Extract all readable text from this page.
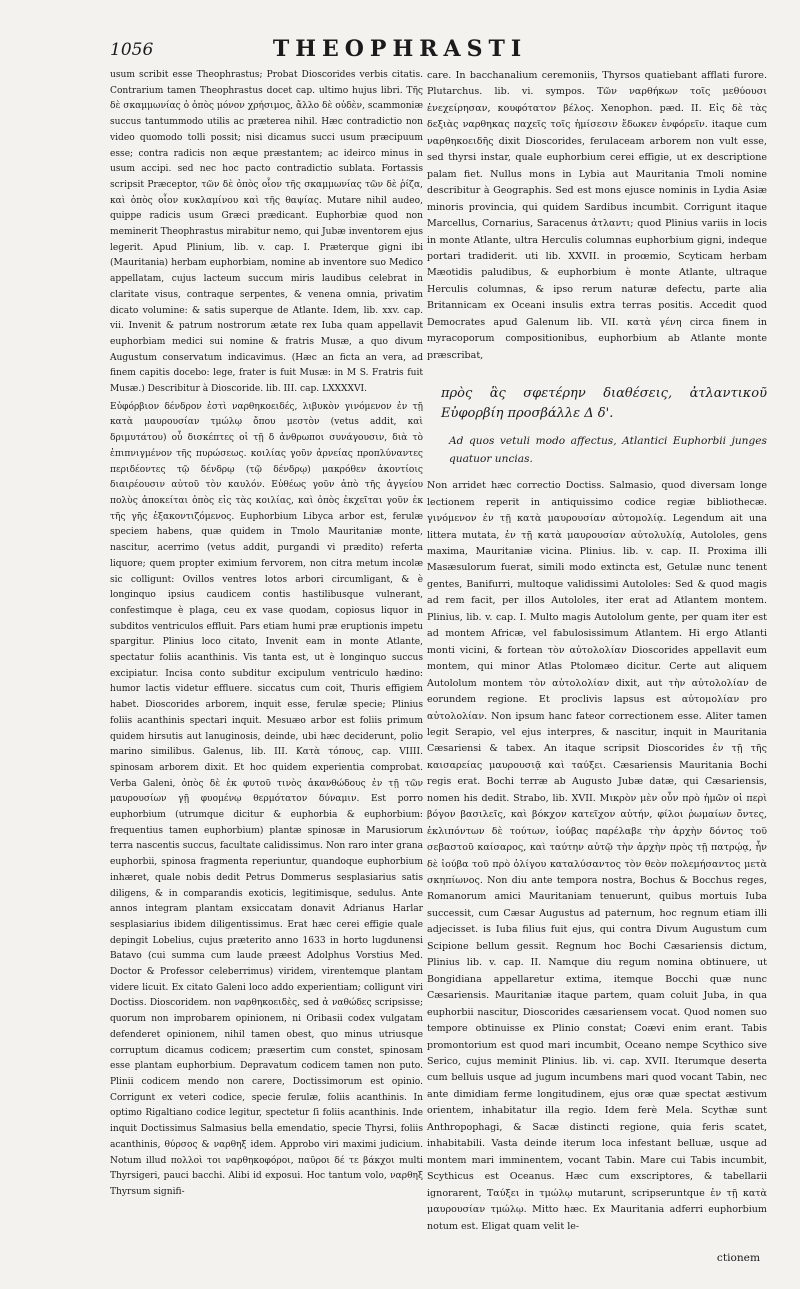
1056	THEOPHRASTI

usum scribit esse Theophrastus; Probat Dioscorides verbis citatis. Contrarium tamen Theophrastus docet cap. ultimo hujus libri. Τῆς δὲ σκαμμωνίας ὁ ὀπὸς μόνον χρήσιμος, ἄλλο δὲ οὐδὲν, scammoniæ succus tantummodo utilis ac præterea nihil. Hæc contradictio non video quomodo tolli possit; nisi dicamus succi usum præcipuum esse; contra radicis non æque præstantem; ac ideirco minus in usum accipi. sed nec hoc pacto contradictio sublata. Fortassis scripsit Præceptor, τῶν δὲ ὀπὸς οἷον τῆς σκαμμωνίας τῶν δὲ ῥίζα, καὶ ὀπὸς οἷον κυκλαμίνου καὶ τῆς θαψίας. Mutare nihil audeo, quippe radicis usum Græci prædicant. Euphorbiæ quod non meminerit Theophrastus mirabitur nemo, qui Jubæ inventorem ejus legerit. Apud Plinium, lib. v. cap. I. Præterque gigni ibi (Mauritania) herbam euphorbiam, nomine ab inventore suo Medico appellatam, cujus lacteum succum miris laudibus celebrat in claritate visus, contraque serpentes, & venena omnia, privatim dicato volumine: & satis superque de Atlante. Idem, lib. xxv. cap. vii. Invenit & patrum nostrorum ætate rex Iuba quam appellavit euphorbiam medici sui nomine & fratris Musæ, a quo divum Augustum conservatum indicavimus. (Hæc an ficta an vera, ad finem capitis docebo: lege, frater is fuit Musæ: in M S. Fratris fuit Musæ.) Describitur à Dioscoride. lib. III. cap. LXXXXVI.

Εὐφόρβιον δένδρον ἐστὶ ναρθηκοειδές, λιβυκὸν γινόμενον ἐν τῇ κατὰ μαυρουσίαν τμώλῳ ὄπου μεστὸν (vetus addit, καὶ δριμυτάτου) οὗ δισκέπτες οἱ τῇ δ ἀνθρωποι συνάγουσιν, διὰ τὸ ἐπιπνιγμένον τῆς πυρώσεως. κοιλίας γοῦν ἀρνείας προπλύναντες περιδέοντες τῷ δένδρῳ (τῷ δένδρῳ) μακρόθεν ἀκοντίοις διαιρέουσιν αὐτοῦ τὸν καυλόν. Εὐθέως γοῦν ἀπὸ τῆς ἀγγείου πολὺς ἀποκείται ὀπὸς εἰς τὰς κοιλίας, καὶ ὀπὸς ἐκχεῖται γοῦν ἐκ τῆς γῆς ἐξακοντιζόμενος. Euphorbium Libyca arbor est, ferulæ speciem habens, quæ quidem in Tmolo Mauritaniæ monte, nascitur, acerrimo (vetus addit, purgandi vi prædito) referta liquore; quem propter eximium fervorem, non citra metum incolæ sic colligunt: Ovillos ventres lotos arbori circumligant, & è longinquo ipsius caudicem contis hastilibusque vulnerant, confestimque è plaga, ceu ex vase quodam, copiosus liquor in subditos ventriculos effluit. Pars etiam humi præ eruptionis impetu spargitur. Plinius loco citato, Invenit eam in monte Atlante, spectatur foliis acanthinis. Vis tanta est, ut è longinquo succus excipiatur. Incisa conto subditur excipulum ventriculo hædino: humor lactis videtur effluere. siccatus cum coit, Thuris effigiem habet. Dioscorides arborem, inquit esse, ferulæ specie; Plinius foliis acanthinis spectari inquit. Mesuæo arbor est foliis primum quidem hirsutis aut lanuginosis, deinde, ubi hæc deciderunt, polio marino similibus. Galenus, lib. III. Κατὰ τόπους, cap. VIIII. spinosam arborem dixit. Et hoc quidem experientia comprobat. Verba Galeni, ὀπὸς δὲ ἐκ φυτοῦ τινὸς ἀκανθώδους ἐν τῇ τῶν μαυρουσίων γῇ φυομένῳ θερμότατον δύναμιν. Est porro euphorbium (utrumque dicitur & euphorbia & euphorbium: frequentius tamen euphorbium) plantæ spinosæ in Marusiorum terra nascentis succus, facultate calidissimus. Non raro inter grana euphorbii, spinosa fragmenta reperiuntur, quandoque euphorbium inhæret, quale nobis dedit Petrus Dommerus sesplasiarius satis diligens, & in comparandis exoticis, legitimisque, sedulus. Ante annos integram plantam exsiccatam donavit Adrianus Harlar sesplasiarius ibidem diligentissimus. Erat hæc cerei effigie quale depingit Lobelius, cujus præterito anno 1633 in horto lugdunensi Batavo (cui summa cum laude præest Adolphus Vorstius Med. Doctor & Professor celeberrimus) viridem, virentemque plantam videre licuit. Ex citato Galeni loco addo experientiam; colligunt viri Doctiss. Dioscoridem. non ναρθηκοειδὲς, sed ἀ ναθώδες scripsisse; quorum non improbarem opinionem, ni Oribasii codex vulgatam defenderet opinionem, nihil tamen obest, quo minus utriusque corruptum dicamus codicem; præsertim cum constet, spinosam esse plantam euphorbium. Depravatum codicem tamen non puto. Plinii codicem mendo non carere, Doctissimorum est opinio. Corrigunt ex veteri codice, specie ferulæ, foliis acanthinis. In optimo Rigaltiano codice legitur, spectetur ſi foliis acanthinis. Inde inquit Doctissimus Salmasius bella emendatio, specie Thyrsi, foliis acanthinis, θύρσος & ναρθηξ idem. Approbo viri maximi judicium. Notum illud πολλοὶ τοι ναρθηκοφόροι, παῦροι δέ τε βάκχοι multi Thyrsigeri, pauci bacchi. Alibi id exposui. Hoc tantum volo, ναρθηξ Thyrsum signifi-

care. In bacchanalium ceremoniis, Thyrsos quatiebant afflati furore. Plutarchus. lib. vi. sympos. Τῶν ναρθήκων τοῖς μεθύουσι ἐνεχείρησαν, κουφότατον βέλος. Xenophon. pæd. II. Εἰς δὲ τὰς δεξιὰς ναρθηκας παχεῖς τοῖς ἡμίσεσιν ἔδωκεν ἐνφόρεῖν. itaque cum ναρθηκοειδῆς dixit Dioscorides, ferulaceam arborem non vult esse, sed thyrsi instar, quale euphorbium cerei effigie, ut ex descriptione palam fiet. Nullus mons in Lybia aut Mauritania Tmoli nomine describitur à Geographis. Sed est mons ejusce nominis in Lydia Asiæ minoris provincia, qui quidem Sardibus incumbit. Corrigunt itaque Marcellus, Cornarius, Saracenus ἀτλαντι; quod Plinius variis in locis in monte Atlante, ultra Herculis columnas euphorbium gigni, indeque portari tradiderit. uti lib. XXVII. in proœmio, Scyticam herbam Mæotidis paludibus, & euphorbium è monte Atlante, ultraque Herculis columnas, & ipso rerum naturæ defectu, parte alia Britannicam ex Oceani insulis extra terras positis. Accedit quod Democrates apud Galenum lib. VII. κατὰ γένη circa finem in myracoporum compositionibus, euphorbium ab Atlante monte præscribat,

πρὸς ἃς σφετέρην διαθέσεις, ἀτλαντικοῦ Εὐφορβίη προσβάλλε Δ δ'.

Ad quos vetuli modo affectus, Atlantici Euphorbii junges quatuor uncias.

Non arridet hæc correctio Doctiss. Salmasio, quod diversam longe lectionem reperit in antiquissimo codice regiæ bibliothecæ. γινόμενον ἐν τῇ κατὰ μαυρουσίαν αὐτομολίᾳ. Legendum ait una littera mutata, ἐν τῇ κατὰ μαυρουσίαν αὐτολυλίᾳ, Autololes, gens maxima, Mauritaniæ vicina. Plinius. lib. v. cap. II. Proxima illi Masæsulorum fuerat, simili modo extincta est, Getulæ nunc tenent gentes, Banifurri, multoque validissimi Autololes: Sed & quod magis ad rem facit, per illos Autololes, iter erat ad Atlantem montem. Plinius, lib. v. cap. I. Multo magis Autololum gente, per quam iter est ad montem Africæ, vel fabulosissimum Atlantem. Hi ergo Atlanti monti vicini, & fortean τὸν αὐτολολίαν Dioscorides appellavit eum montem, qui minor Atlas Ptolomæo dicitur. Certe aut aliquem Autololum montem τὸν αὐτολολίαν dixit, aut τὴν αὐτολολίαν de eorundem regione. Et proclivis lapsus est αὐτομολίαν pro αὐτολολίαν. Non ipsum hanc fateor correctionem esse. Aliter tamen legit Serapio, vel ejus interpres, & nascitur, inquit in Mauritania Cæsariensi & tabex. An itaque scripsit Dioscorides ἐν τῇ τῆς καισαρείας μαυρουσιᾷ καὶ ταύξει. Cæsariensis Mauritania Bochi regis erat. Bochi terræ ab Augusto Jubæ datæ, qui Cæsariensis, nomen his dedit. Strabo, lib. XVII. Μικρὸν μὲν οὖν πρὸ ἡμῶν οἱ περὶ βόγον βασιλεῖς, καὶ βόκχον κατεῖχον αὐτήν, φίλοι ῥωμαίων ὄντες, ἐκλιπόντων δὲ τούτων, ἰούβας παρέλαβε τὴν ἀρχὴν δόντος τοῦ σεβαστοῦ καίσαρος, καὶ ταύτην αὐτῷ τὴν ἀρχὴν πρὸς τῇ πατρῴᾳ, ἦν δὲ ἰούβα τοῦ πρὸ ὀλίγου καταλύσαντος τὸν θεὸν πολεμήσαντος μετὰ σκηπίωνος. Non diu ante tempora nostra, Bochus & Bocchus reges, Romanorum amici Mauritaniam tenuerunt, quibus mortuis Iuba successit, cum Cæsar Augustus ad paternum, hoc regnum etiam illi adjecisset. is Iuba filius fuit ejus, qui contra Divum Augustum cum Scipione bellum gessit. Regnum hoc Bochi Cæsariensis dictum, Plinius lib. v. cap. II. Namque diu regum nomina obtinuere, ut Bongidiana appellaretur extima, itemque Bocchi quæ nunc Cæsariensis. Mauritaniæ itaque partem, quam coluit Juba, in qua euphorbii nascitur, Dioscorides cæsariensem vocat. Quod nomen suo tempore obtinuisse ex Plinio constat; Coævi enim erant. Tabis promontorium est quod mari incumbit, Oceano nempe Scythico sive Serico, cujus meminit Plinius. lib. vi. cap. XVII. Iterumque deserta cum belluis usque ad jugum incumbens mari quod vocant Tabin, nec ante dimidiam ferme longitudinem, ejus oræ quæ spectat æstivum orientem, inhabitatur illa regio. Idem ferè Mela. Scythæ sunt Anthropophagi, & Sacæ distincti regione, quia feris scatet, inhabitabili. Vasta deinde iterum loca infestant belluæ, usque ad montem mari imminentem, vocant Tabin. Mare cui Tabis incumbit, Scythicus est Oceanus. Hæc cum exscriptores, & tabellarii ignorarent, Ταύξει in τμώλῳ mutarunt, scripseruntque ἐν τῇ κατὰ μαυρουσίαν τμώλῳ. Mitto hæc. Ex Mauritania adferri euphorbium notum est. Eligat quam velit le-

ctionem
